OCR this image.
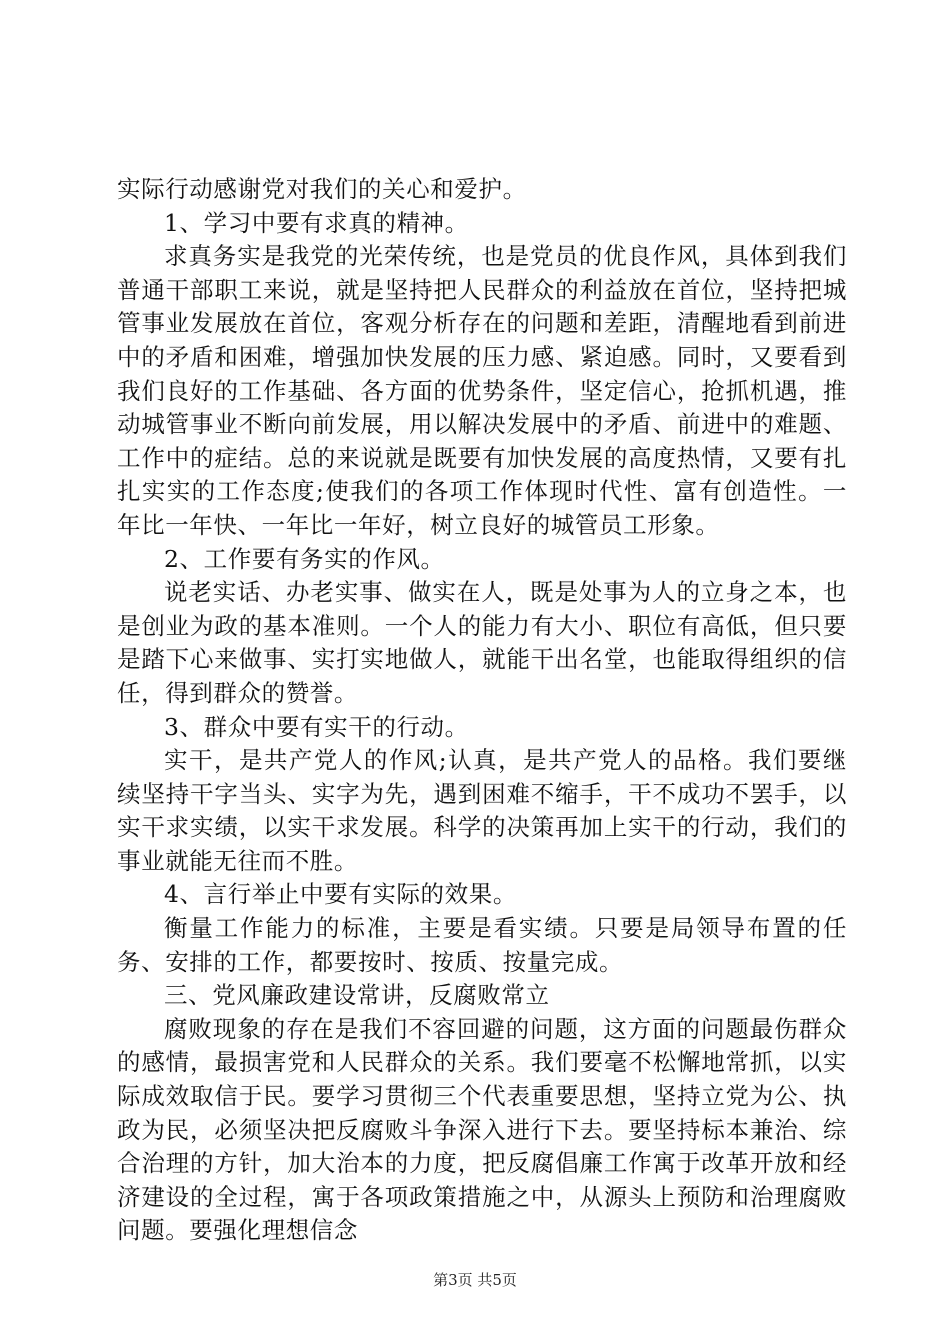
实际行动感谢党对我们的关心和爱护。

1、学习中要有求真的精神。

求真务实是我党的光荣传统，也是党员的优良作风，具体到我们普通干部职工来说，就是坚持把人民群众的利益放在首位，坚持把城管事业发展放在首位，客观分析存在的问题和差距，清醒地看到前进中的矛盾和困难，增强加快发展的压力感、紧迫感。同时，又要看到我们良好的工作基础、各方面的优势条件，坚定信心，抢抓机遇，推动城管事业不断向前发展，用以解决发展中的矛盾、前进中的难题、工作中的症结。总的来说就是既要有加快发展的高度热情，又要有扎扎实实的工作态度;使我们的各项工作体现时代性、富有创造性。一年比一年快、一年比一年好，树立良好的城管员工形象。

2、工作要有务实的作风。

说老实话、办老实事、做实在人，既是处事为人的立身之本，也是创业为政的基本准则。一个人的能力有大小、职位有高低，但只要是踏下心来做事、实打实地做人，就能干出名堂，也能取得组织的信任，得到群众的赞誉。

3、群众中要有实干的行动。

实干，是共产党人的作风;认真，是共产党人的品格。我们要继续坚持干字当头、实字为先，遇到困难不缩手，干不成功不罢手，以实干求实绩，以实干求发展。科学的决策再加上实干的行动，我们的事业就能无往而不胜。

4、言行举止中要有实际的效果。

衡量工作能力的标准，主要是看实绩。只要是局领导布置的任务、安排的工作，都要按时、按质、按量完成。

三、党风廉政建设常讲，反腐败常立

腐败现象的存在是我们不容回避的问题，这方面的问题最伤群众的感情，最损害党和人民群众的关系。我们要毫不松懈地常抓，以实际成效取信于民。要学习贯彻三个代表重要思想，坚持立党为公、执政为民，必须坚决把反腐败斗争深入进行下去。要坚持标本兼治、综合治理的方针，加大治本的力度，把反腐倡廉工作寓于改革开放和经济建设的全过程，寓于各项政策措施之中，从源头上预防和治理腐败问题。要强化理想信念

第3页 共5页
